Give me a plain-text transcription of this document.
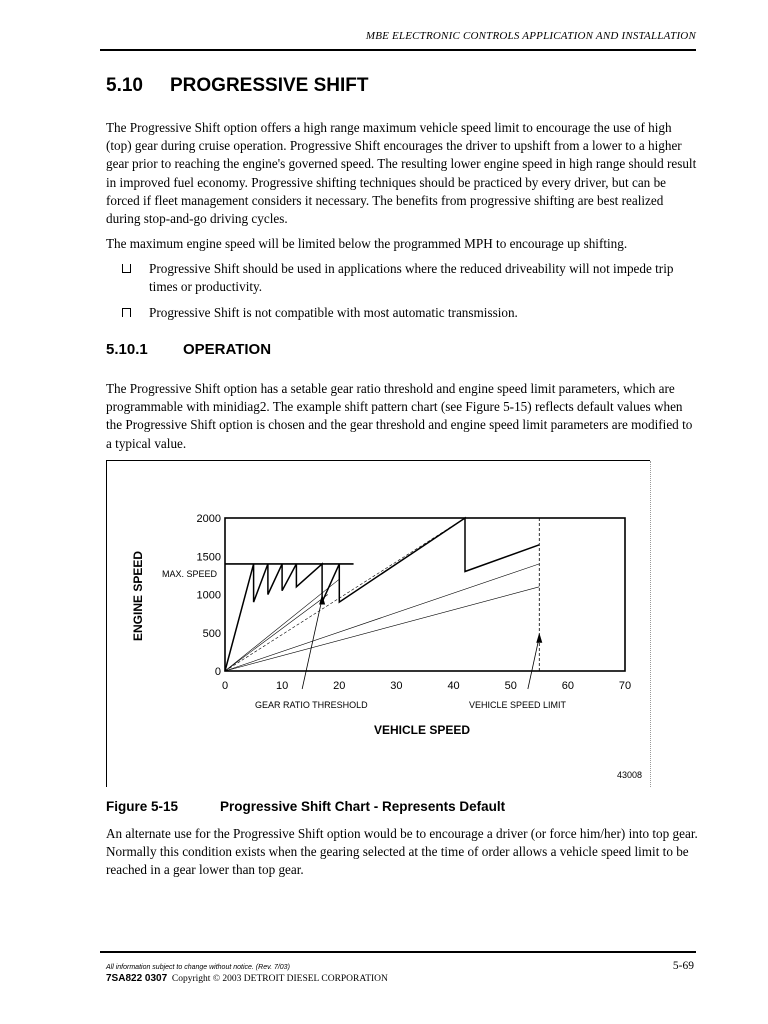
MBE ELECTRONIC CONTROLS APPLICATION AND INSTALLATION
5.10 PROGRESSIVE SHIFT
The Progressive Shift option offers a high range maximum vehicle speed limit to encourage the use of high (top) gear during cruise operation. Progressive Shift encourages the driver to upshift from a lower to a higher gear prior to reaching the engine's governed speed. The resulting lower engine speed in high range should result in improved fuel economy. Progressive shifting techniques should be practiced by every driver, but can be forced if fleet management considers it necessary. The benefits from progressive shifting are best realized during stop-and-go driving cycles.
The maximum engine speed will be limited below the programmed MPH to encourage up shifting.
Progressive Shift should be used in applications where the reduced driveability will not impede trip times or productivity.
Progressive Shift is not compatible with most automatic transmission.
5.10.1 OPERATION
The Progressive Shift option has a setable gear ratio threshold and engine speed limit parameters, which are programmable with minidiag2. The example shift pattern chart (see Figure 5-15) reflects default values when the Progressive Shift option is chosen and the gear threshold and engine speed limit parameters are modified to a typical value.
0	10	20	30	40	50	60	70
0
500
1000
1500
2000
VEHICLE SPEED
ENGINE SPEED MAX. SPEED
GEAR RATIO THRESHOLD	VEHICLE SPEED LIMIT
43008
Figure 5-15	Progressive Shift Chart - Represents Default
An alternate use for the Progressive Shift option would be to encourage a driver (or force him/her) into top gear. Normally this condition exists when the gearing selected at the time of order allows a vehicle speed limit to be reached in a gear lower than top gear.
All information subject to change without notice. (Rev. 7/03)
7SA822 0307 Copyright © 2003 DETROIT DIESEL CORPORATION
5-69
